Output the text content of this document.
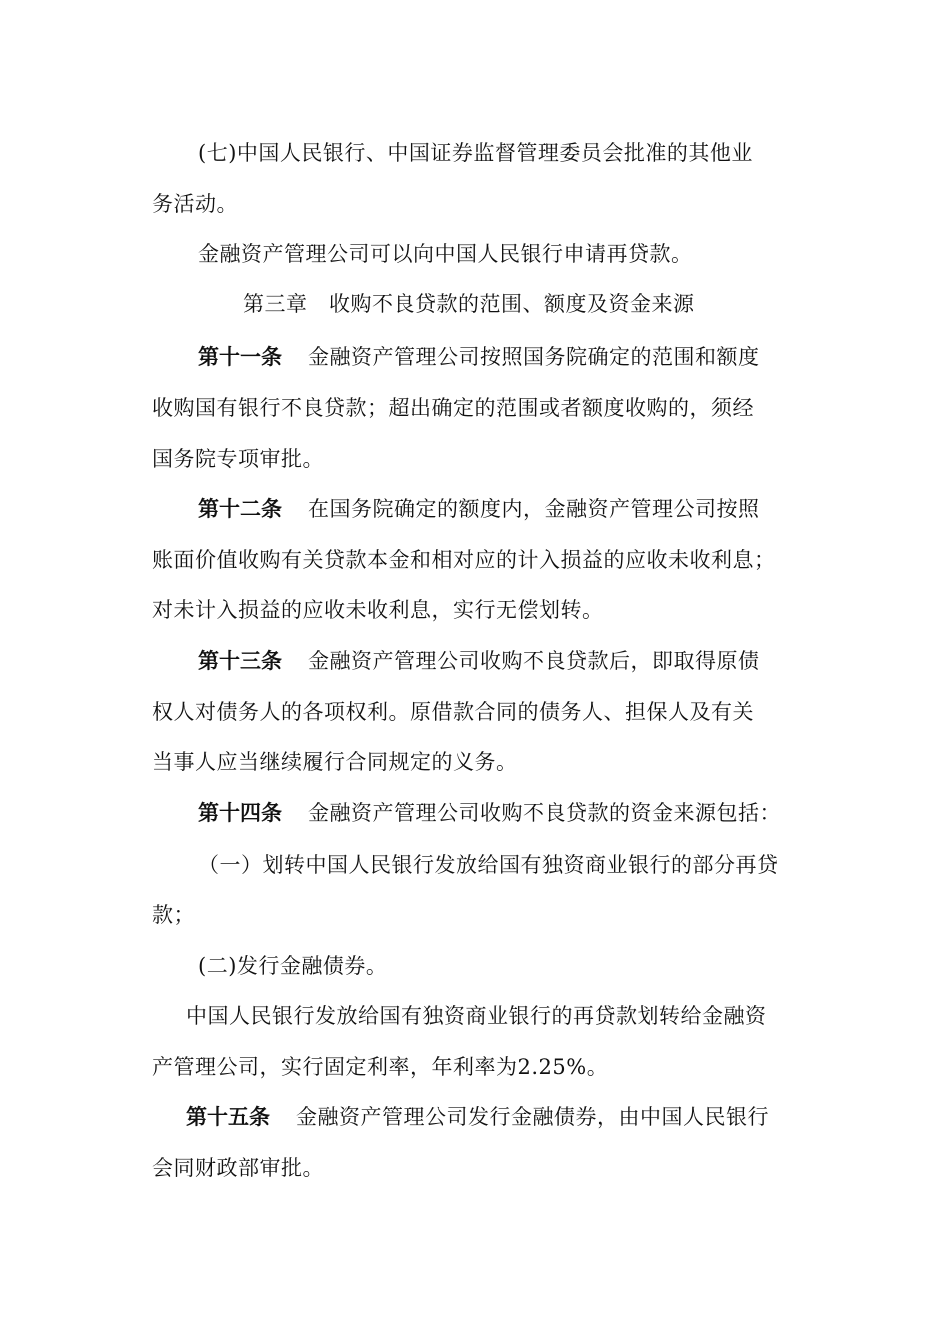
(七)中国人民银行、中国证券监督管理委员会批准的其他业
务活动。
金融资产管理公司可以向中国人民银行申请再贷款。
第三章　收购不良贷款的范围、额度及资金来源
第十一条 金融资产管理公司按照国务院确定的范围和额度
收购国有银行不良贷款；超出确定的范围或者额度收购的，须经
国务院专项审批。
第十二条 在国务院确定的额度内，金融资产管理公司按照
账面价值收购有关贷款本金和相对应的计入损益的应收未收利息；
对未计入损益的应收未收利息，实行无偿划转。
第十三条 金融资产管理公司收购不良贷款后，即取得原债
权人对债务人的各项权利。原借款合同的债务人、担保人及有关
当事人应当继续履行合同规定的义务。
第十四条 金融资产管理公司收购不良贷款的资金来源包括：
（一）划转中国人民银行发放给国有独资商业银行的部分再贷
款；
(二)发行金融债券。
中国人民银行发放给国有独资商业银行的再贷款划转给金融资
产管理公司，实行固定利率，年利率为2.25%。
第十五条 金融资产管理公司发行金融债券，由中国人民银行
会同财政部审批。
